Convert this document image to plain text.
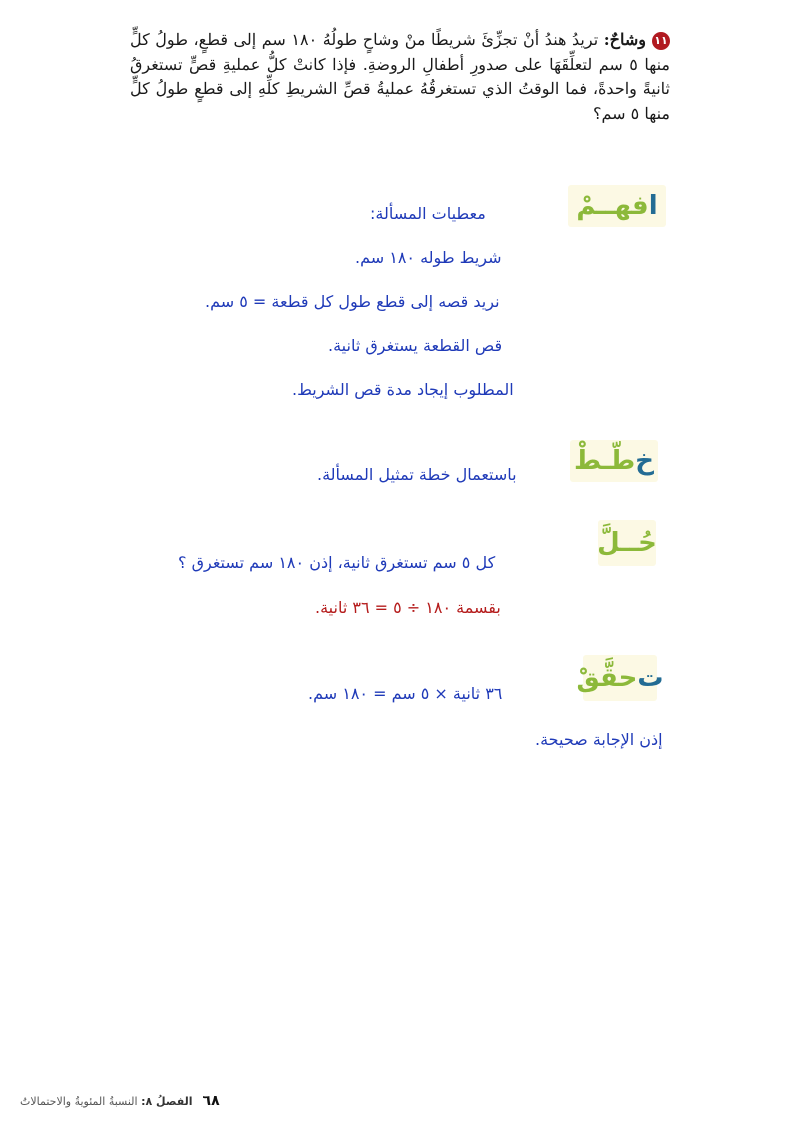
١١وشاحٌ: تريدُ هندُ أنْ تجزِّئَ شريطًا منْ وشاحٍ طولُهُ ١٨٠ سم إلى قطعٍ، طولُ كلٍّ منها ٥ سم لتعلِّقَهَا على صدورِ أطفالِ الروضةِ. فإذا كانتْ كلُّ عمليةِ قصٍّ تستغرقُ ثانيةً واحدةً، فما الوقتُ الذي تستغرقُهُ عمليةُ قصِّ الشريطِ كلِّهِ إلى قطعٍ طولُ كلٍّ منها ٥ سم؟
ا
فهــمْ
معطيات المسألة:
شريط طوله ١٨٠ سم.
نريد قصه إلى قطع طول كل قطعة = ٥ سم.
قص القطعة يستغرق ثانية.
المطلوب إيجاد مدة قص الشريط.
خ
طّـطْ
باستعمال خطة تمثيل المسألة.
حُــلَّ
كل ٥ سم تستغرق ثانية، إذن ١٨٠ سم تستغرق ؟
بقسمة ١٨٠ ÷ ٥ = ٣٦ ثانية.
ت
حقَّقْ
٣٦ ثانية × ٥ سم = ١٨٠ سم.
إذن الإجابة صحيحة.
٦٨الفصلُ ٨: النسبةُ المئويةُ والاحتمالاتُ
